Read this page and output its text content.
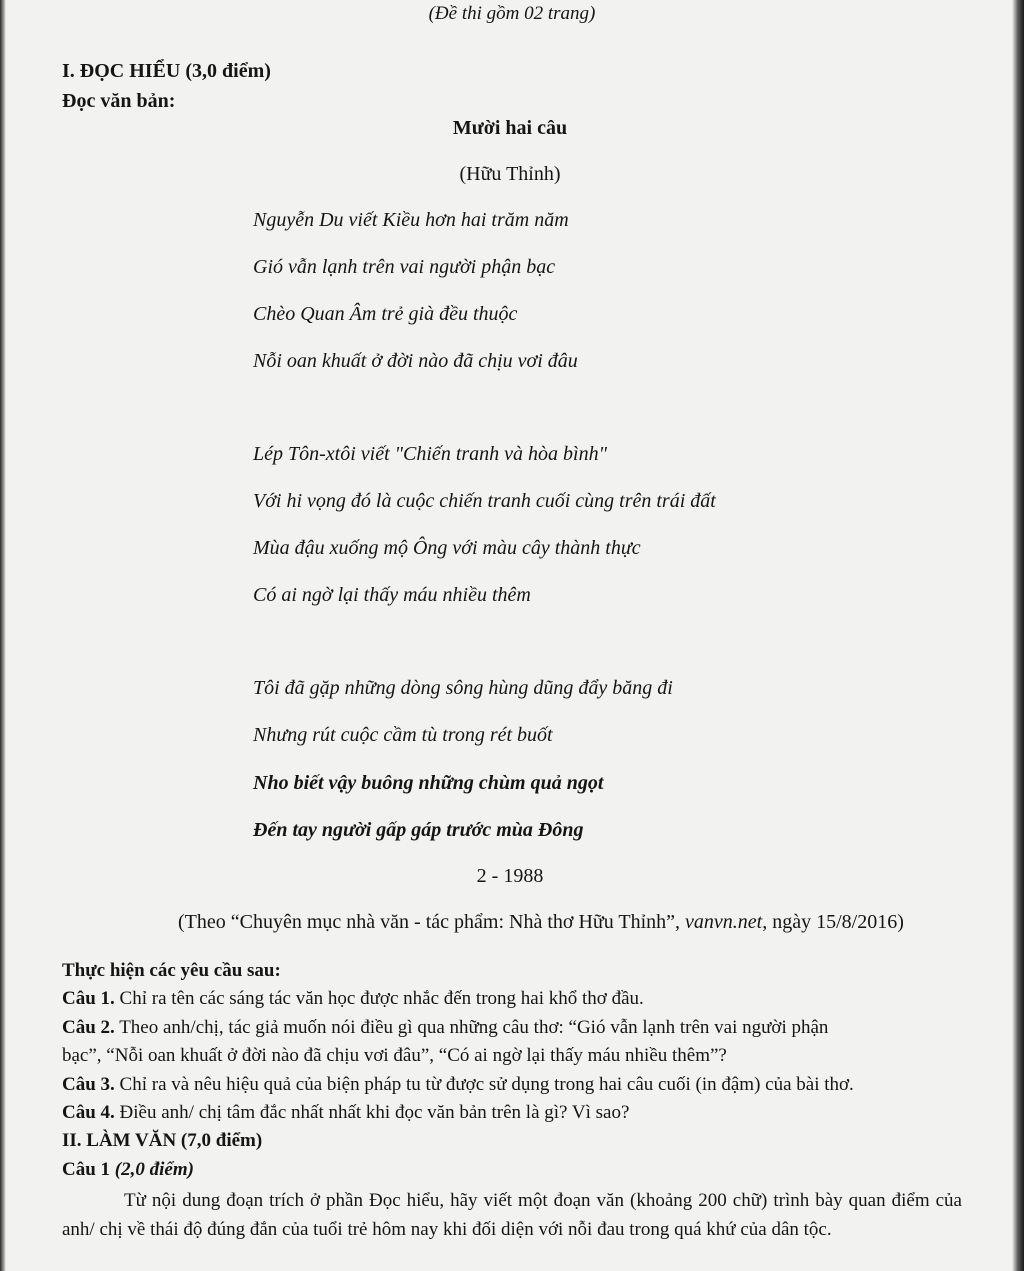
(Đề thi gồm 02 trang)
I. ĐỌC HIỂU (3,0 điểm)
Đọc văn bản:
Mười hai câu
(Hữu Thỉnh)
Nguyễn Du viết Kiều hơn hai trăm năm
Gió vẫn lạnh trên vai người phận bạc
Chèo Quan Âm trẻ già đều thuộc
Nỗi oan khuất ở đời nào đã chịu vơi đâu
Lép Tôn-xtôi viết "Chiến tranh và hòa bình"
Với hi vọng đó là cuộc chiến tranh cuối cùng trên trái đất
Mùa đậu xuống mộ Ông với màu cây thành thực
Có ai ngờ lại thấy máu nhiều thêm
Tôi đã gặp những dòng sông hùng dũng đẩy băng đi
Nhưng rút cuộc cầm tù trong rét buốt
Nho biết vậy buông những chùm quả ngọt
Đến tay người gấp gáp trước mùa Đông
2 - 1988
(Theo “Chuyên mục nhà văn - tác phẩm: Nhà thơ Hữu Thỉnh”, vanvn.net, ngày 15/8/2016)
Thực hiện các yêu cầu sau:
Câu 1. Chỉ ra tên các sáng tác văn học được nhắc đến trong hai khổ thơ đầu.
Câu 2. Theo anh/chị, tác giả muốn nói điều gì qua những câu thơ: “Gió vẫn lạnh trên vai người phận
bạc”, “Nỗi oan khuất ở đời nào đã chịu vơi đâu”, “Có ai ngờ lại thấy máu nhiều thêm”?
Câu 3. Chỉ ra và nêu hiệu quả của biện pháp tu từ được sử dụng trong hai câu cuối (in đậm) của bài thơ.
Câu 4. Điều anh/ chị tâm đắc nhất nhất khi đọc văn bản trên là gì? Vì sao?
II. LÀM VĂN (7,0 điểm)
Câu 1 (2,0 điểm)
Từ nội dung đoạn trích ở phần Đọc hiểu, hãy viết một đoạn văn (khoảng 200 chữ) trình bày quan điểm của anh/ chị về thái độ đúng đắn của tuổi trẻ hôm nay khi đối diện với nỗi đau trong quá khứ của dân tộc.
